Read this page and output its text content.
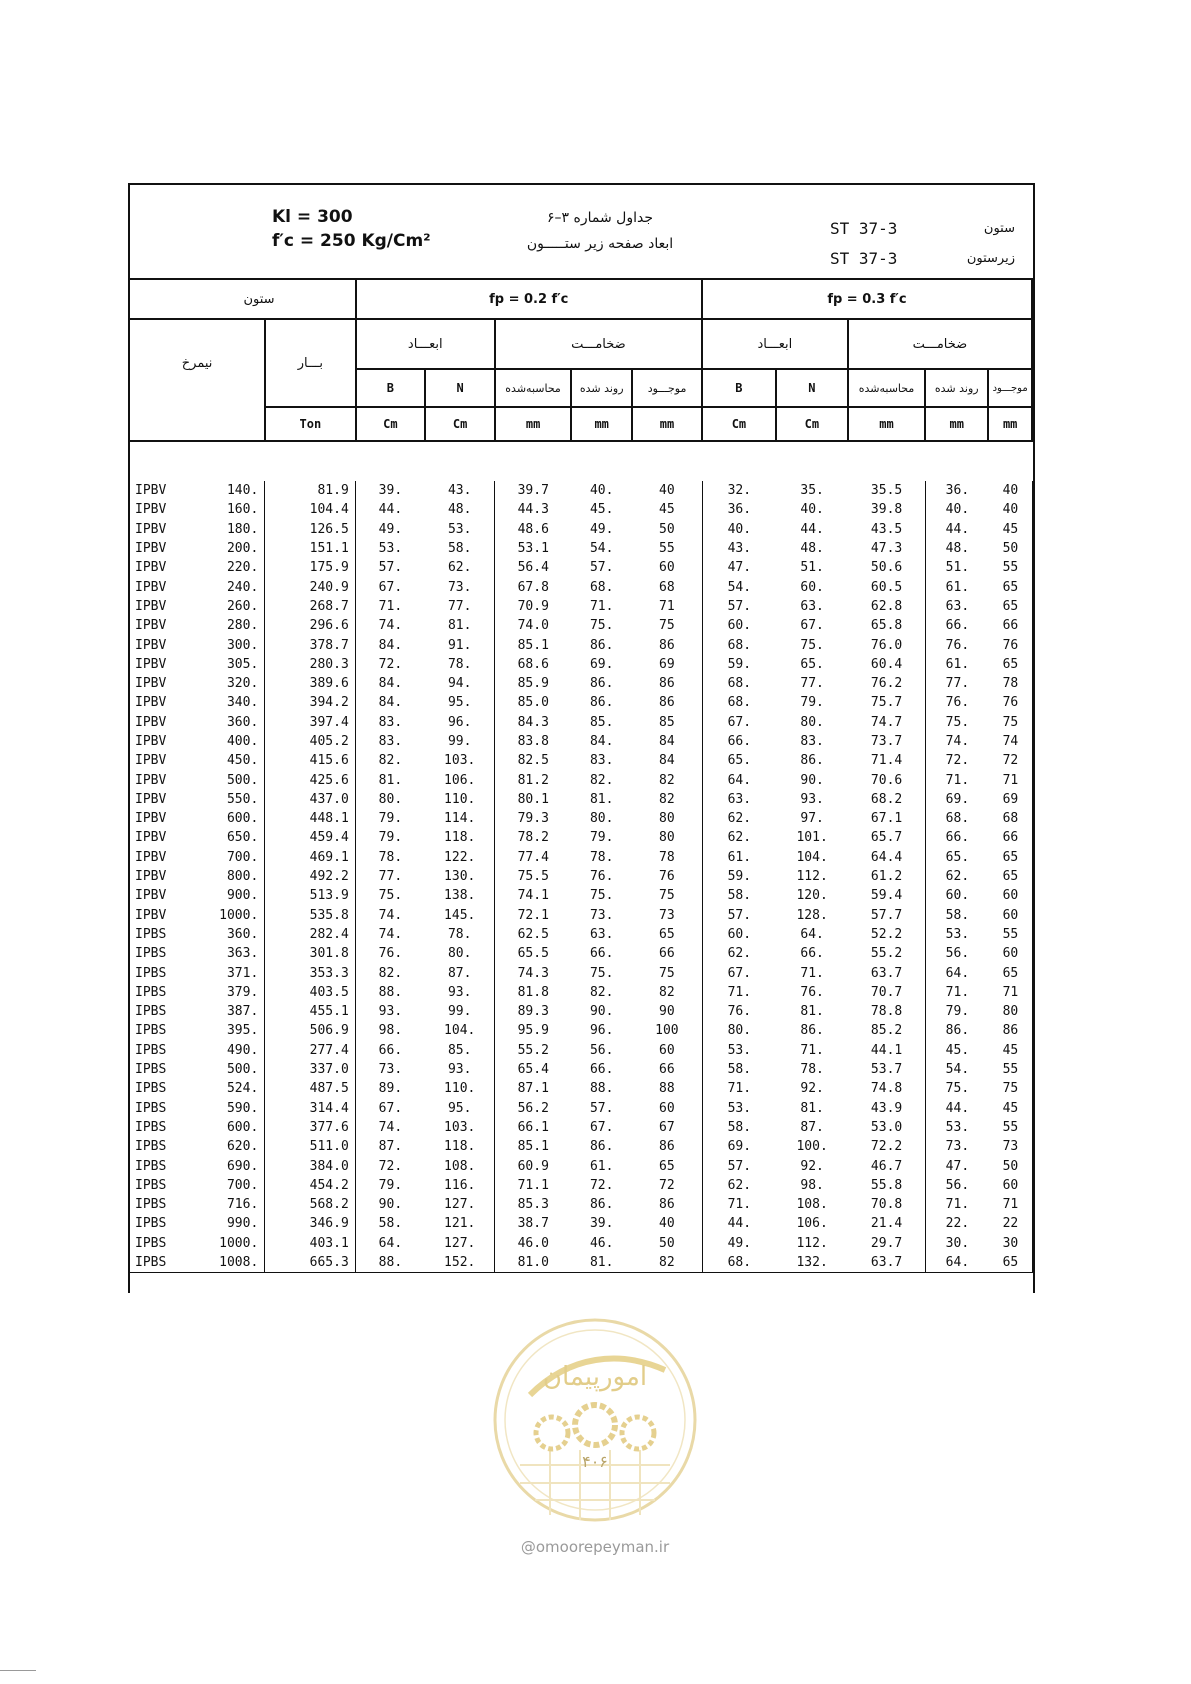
Kl = 300
f′c = 250 Kg/Cm²
جداول شماره ۳–۶
ابعاد صفحه زیر ستـــــون
ST 37-3
ST 37-3
ستون
زیرستون
ستون		fp = 0.2 f′c					fp = 0.3 f′c				
نیمرخ	بـــار	ابعـــاد		ضخامـــت			ابعـــاد		ضخامـــت		
		B	N	محاسبه‌شده	روند شده	موجـــود	B	N	محاسبه‌شده	روند شده	موجـــود
	Ton	Cm	Cm	mm	mm	mm	Cm	Cm	mm	mm	mm
IPBV	140.	81.9	39.	43.	39.7	40.	40	32.	35.	35.5	36.	40
IPBV	160.	104.4	44.	48.	44.3	45.	45	36.	40.	39.8	40.	40
IPBV	180.	126.5	49.	53.	48.6	49.	50	40.	44.	43.5	44.	45
IPBV	200.	151.1	53.	58.	53.1	54.	55	43.	48.	47.3	48.	50
IPBV	220.	175.9	57.	62.	56.4	57.	60	47.	51.	50.6	51.	55
IPBV	240.	240.9	67.	73.	67.8	68.	68	54.	60.	60.5	61.	65
IPBV	260.	268.7	71.	77.	70.9	71.	71	57.	63.	62.8	63.	65
IPBV	280.	296.6	74.	81.	74.0	75.	75	60.	67.	65.8	66.	66
IPBV	300.	378.7	84.	91.	85.1	86.	86	68.	75.	76.0	76.	76
IPBV	305.	280.3	72.	78.	68.6	69.	69	59.	65.	60.4	61.	65
IPBV	320.	389.6	84.	94.	85.9	86.	86	68.	77.	76.2	77.	78
IPBV	340.	394.2	84.	95.	85.0	86.	86	68.	79.	75.7	76.	76
IPBV	360.	397.4	83.	96.	84.3	85.	85	67.	80.	74.7	75.	75
IPBV	400.	405.2	83.	99.	83.8	84.	84	66.	83.	73.7	74.	74
IPBV	450.	415.6	82.	103.	82.5	83.	84	65.	86.	71.4	72.	72
IPBV	500.	425.6	81.	106.	81.2	82.	82	64.	90.	70.6	71.	71
IPBV	550.	437.0	80.	110.	80.1	81.	82	63.	93.	68.2	69.	69
IPBV	600.	448.1	79.	114.	79.3	80.	80	62.	97.	67.1	68.	68
IPBV	650.	459.4	79.	118.	78.2	79.	80	62.	101.	65.7	66.	66
IPBV	700.	469.1	78.	122.	77.4	78.	78	61.	104.	64.4	65.	65
IPBV	800.	492.2	77.	130.	75.5	76.	76	59.	112.	61.2	62.	65
IPBV	900.	513.9	75.	138.	74.1	75.	75	58.	120.	59.4	60.	60
IPBV	1000.	535.8	74.	145.	72.1	73.	73	57.	128.	57.7	58.	60
IPBS	360.	282.4	74.	78.	62.5	63.	65	60.	64.	52.2	53.	55
IPBS	363.	301.8	76.	80.	65.5	66.	66	62.	66.	55.2	56.	60
IPBS	371.	353.3	82.	87.	74.3	75.	75	67.	71.	63.7	64.	65
IPBS	379.	403.5	88.	93.	81.8	82.	82	71.	76.	70.7	71.	71
IPBS	387.	455.1	93.	99.	89.3	90.	90	76.	81.	78.8	79.	80
IPBS	395.	506.9	98.	104.	95.9	96.	100	80.	86.	85.2	86.	86
IPBS	490.	277.4	66.	85.	55.2	56.	60	53.	71.	44.1	45.	45
IPBS	500.	337.0	73.	93.	65.4	66.	66	58.	78.	53.7	54.	55
IPBS	524.	487.5	89.	110.	87.1	88.	88	71.	92.	74.8	75.	75
IPBS	590.	314.4	67.	95.	56.2	57.	60	53.	81.	43.9	44.	45
IPBS	600.	377.6	74.	103.	66.1	67.	67	58.	87.	53.0	53.	55
IPBS	620.	511.0	87.	118.	85.1	86.	86	69.	100.	72.2	73.	73
IPBS	690.	384.0	72.	108.	60.9	61.	65	57.	92.	46.7	47.	50
IPBS	700.	454.2	79.	116.	71.1	72.	72	62.	98.	55.8	56.	60
IPBS	716.	568.2	90.	127.	85.3	86.	86	71.	108.	70.8	71.	71
IPBS	990.	346.9	58.	121.	38.7	39.	40	44.	106.	21.4	22.	22
IPBS	1000.	403.1	64.	127.	46.0	46.	50	49.	112.	29.7	30.	30
IPBS	1008.	665.3	88.	152.	81.0	81.	82	68.	132.	63.7	64.	65
امورپیمان
۴۰۶
@omoorepeyman.ir
